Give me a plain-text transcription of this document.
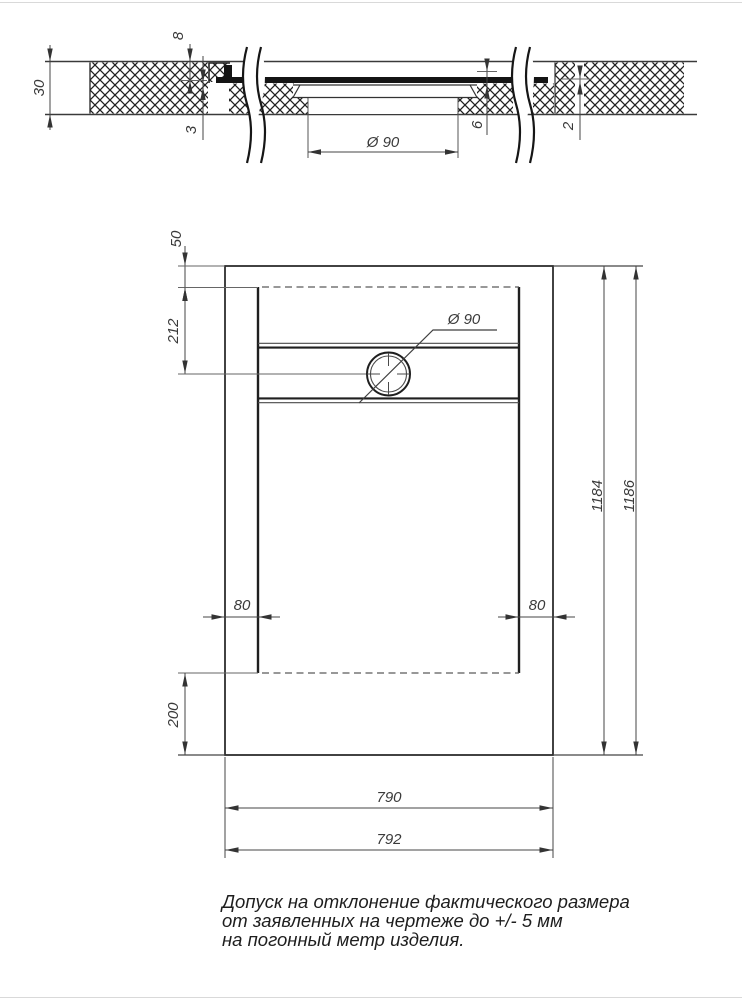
30
8
3
6	2
Ø 90
Ø 90
50
212
1184 1186
80	80
200
790
792
Допуск на отклонение фактического размера
от заявленных на чертеже до +/- 5 мм
на погонный метр изделия.
